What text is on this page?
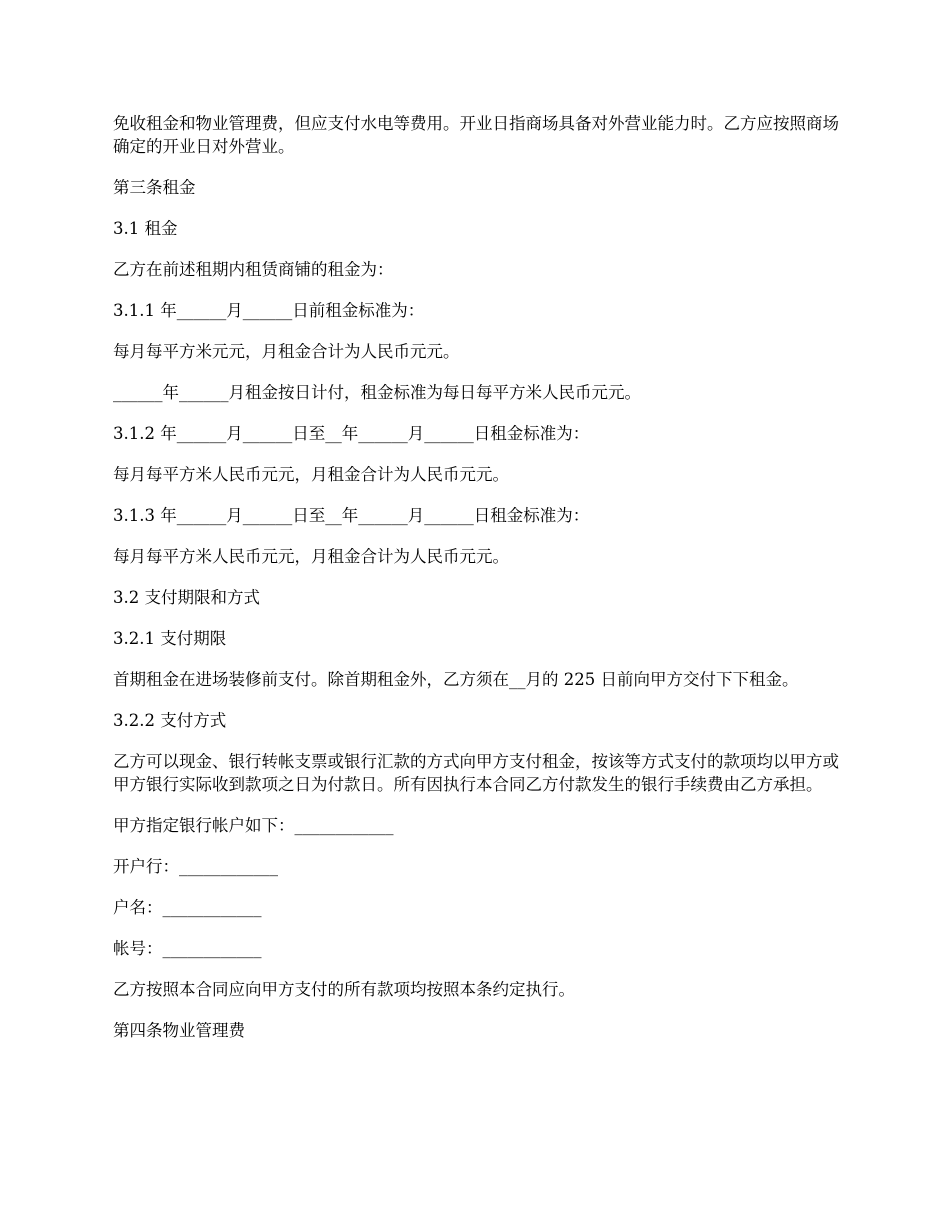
免收租金和物业管理费，但应支付水电等费用。开业日指商场具备对外营业能力时。乙方应按照商场确定的开业日对外营业。

第三条租金

3.1 租金

乙方在前述租期内租赁商铺的租金为：

3.1.1 年______月______日前租金标准为：

每月每平方米元元，月租金合计为人民币元元。

______年______月租金按日计付，租金标准为每日每平方米人民币元元。

3.1.2 年______月______日至__年______月______日租金标准为：

每月每平方米人民币元元，月租金合计为人民币元元。

3.1.3 年______月______日至__年______月______日租金标准为：

每月每平方米人民币元元，月租金合计为人民币元元。

3.2 支付期限和方式

3.2.1 支付期限

首期租金在进场装修前支付。除首期租金外，乙方须在__月的 225 日前向甲方交付下下租金。

3.2.2 支付方式

乙方可以现金、银行转帐支票或银行汇款的方式向甲方支付租金，按该等方式支付的款项均以甲方或甲方银行实际收到款项之日为付款日。所有因执行本合同乙方付款发生的银行手续费由乙方承担。

甲方指定银行帐户如下：____________

开户行：____________

户名：____________

帐号：____________

乙方按照本合同应向甲方支付的所有款项均按照本条约定执行。

第四条物业管理费
